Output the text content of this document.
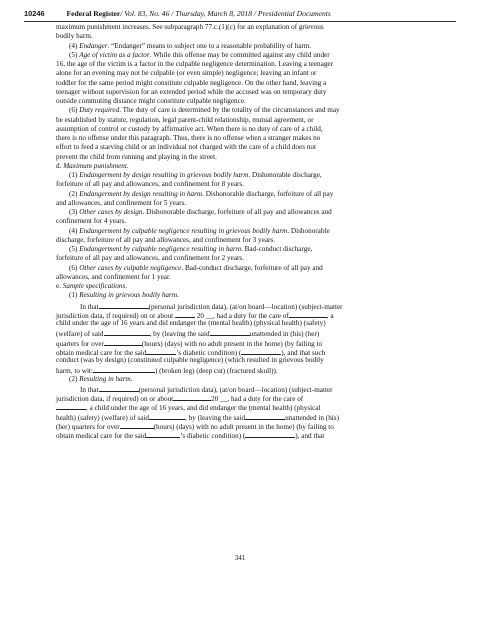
10246	Federal Register/ Vol. 83, No. 46 / Thursday, March 8, 2018 / Presidential Documents
maximum punishment increases. See subparagraph 77.c.(1)(c) for an explanation of grievous
bodily harm.
(4) Endanger. “Endanger” means to subject one to a reasonable probability of harm.
(5) Age of victim as a factor. While this offense may be committed against any child under
16, the age of the victim is a factor in the culpable negligence determination. Leaving a teenager
alone for an evening may not be culpable (or even simple) negligence; leaving an infant or
toddler for the same period might constitute culpable negligence. On the other hand, leaving a
teenager without supervision for an extended period while the accused was on temporary duty
outside commuting distance might constitute culpable negligence.
(6) Duty required. The duty of care is determined by the totality of the circumstances and may
be established by statute, regulation, legal parent-child relationship, mutual agreement, or
assumption of control or custody by affirmative act. When there is no duty of care of a child,
there is no offense under this paragraph. Thus, there is no offense when a stranger makes no
effort to feed a starving child or an individual not charged with the care of a child does not
prevent the child from running and playing in the street.
d. Maximum punishment.
(1) Endangerment by design resulting in grievous bodily harm. Dishonorable discharge,
forfeiture of all pay and allowances, and confinement for 8 years.
(2) Endangerment by design resulting in harm. Dishonorable discharge, forfeiture of all pay
and allowances, and confinement for 5 years.
(3) Other cases by design. Dishonorable discharge, forfeiture of all pay and allowances and
confinement for 4 years.
(4) Endangerment by culpable negligence resulting in grievous bodily harm. Dishonorable
discharge, forfeiture of all pay and allowances, and confinement for 3 years.
(5) Endangerment by culpable negligence resulting in harm. Bad-conduct discharge,
forfeiture of all pay and allowances, and confinement for 2 years.
(6) Other cases by culpable negligence. Bad-conduct discharge, forfeiture of all pay and
allowances, and confinement for 1 year.
e. Sample specifications.
(1) Resulting in grievous bodily harm.
In that	(personal jurisdiction data), (at/on board—location) (subject-matter
jurisdiction data, if required) on or about	20 __, had a duty for the care of	, a
child under the age of 16 years and did endanger the (mental health) (physical health) (safety)
(welfare) of said	, by (leaving the said	unattended in (his) (her)
quarters for over	(hours) (days) with no adult present in the home) (by failing to
obtain medical care for the said	’s diabetic condition) (	), and that such
conduct (was by design) (constituted culpable negligence) (which resulted in grievous bodily
harm, to wit:	) (broken leg) (deep cut) (fractured skull)).
(2) Resulting in harm.
In that	(personal jurisdiction data), (at/on board—location) (subject-matter
jurisdiction data, if required) on or about	20 __, had a duty for the care of
, a child under the age of 16 years, and did endanger the (mental health) (physical
health) (safety) (welfare) of said	, by (leaving the said	unattended in (his)
(her) quarters for over	(hours) (days) with no adult present in the home) (by failing to
obtain medical care for the said	’s diabetic condition) (	), and that
341
